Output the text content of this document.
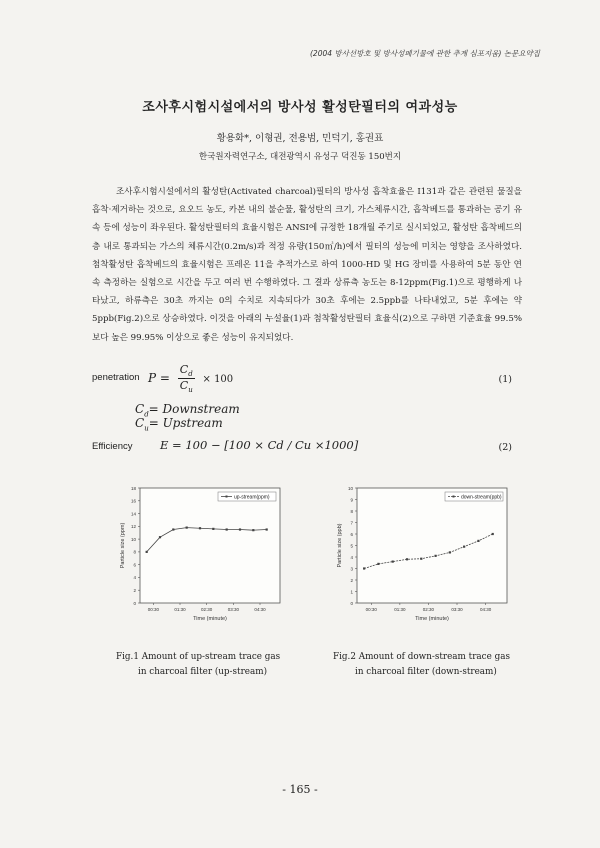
(2004 방사선방호 및 방사성폐기물에 관한 추계 심포지움) 논문요약집
조사후시험시설에서의 방사성 활성탄필터의 여과성능
황용화*, 이형권, 전용범, 민덕기, 홍권표
한국원자력연구소, 대전광역시 유성구 덕진동 150번지

조사후시험시설에서의 활성탄(Activated charcoal)필터의 방사성 흡착효율은 I131과 같은 관련된 물질을 흡착·제거하는 것으로, 요오드 농도, 카본 내의 불순물, 활성탄의 크기, 가스체류시간, 흡착베드를 통과하는 공기 유속 등에 성능이 좌우된다. 활성탄필터의 효율시험은 ANSI에 규정한 18개월 주기로 실시되었고, 활성탄 흡착베드의 층 내로 통과되는 가스의 체류시간(0.2m/s)과 적정 유량(150㎥/h)에서 필터의 성능에 미치는 영향을 조사하였다. 첨착활성탄 흡착베드의 효율시험은 프레온 11을 추적가스로 하여 1000-HD 및 HG 장비를 사용하여 5분 동안 연속 측정하는 실험으로 시간을 두고 여러 번 수행하였다. 그 결과 상류측 농도는 8-12ppm(Fig.1)으로 평행하게 나타났고, 하류측은 30초 까지는 0의 수치로 지속되다가 30초 후에는 2.5ppb를 나타내었고, 5분 후에는 약 5ppb(Fig.2)으로 상승하였다. 이것을 아래의 누설율(1)과 첨착활성탄필터 효율식(2)으로 구하면 기준효율 99.5%보다 높은 99.95% 이상으로 좋은 성능이 유지되었다.

penetration $P = \frac{C_d}{C_u} \times 100$	(1)
$C_d=$ Downstream
$C_u=$ Upstream
Efficiency E = 100 − [100 × Cd / Cu ×1000]	(2)
0
2
4
6
8
10
12
14
16
18
00:30	01:30	02:30	03:30	04:30
Time (minute)
Particle size (ppm)
up-stream(ppm)
0
1
2
3
4
5
6
7
8
9
10
00:30	01:30	02:30	03:30	04:30
Time (minute)
Particle size (ppb)
down-stream(ppb)
Fig.1 Amount of up-stream trace gas
in charcoal filter (up-stream)
Fig.2 Amount of down-stream trace gas
in charcoal filter (down-stream)
- 165 -
